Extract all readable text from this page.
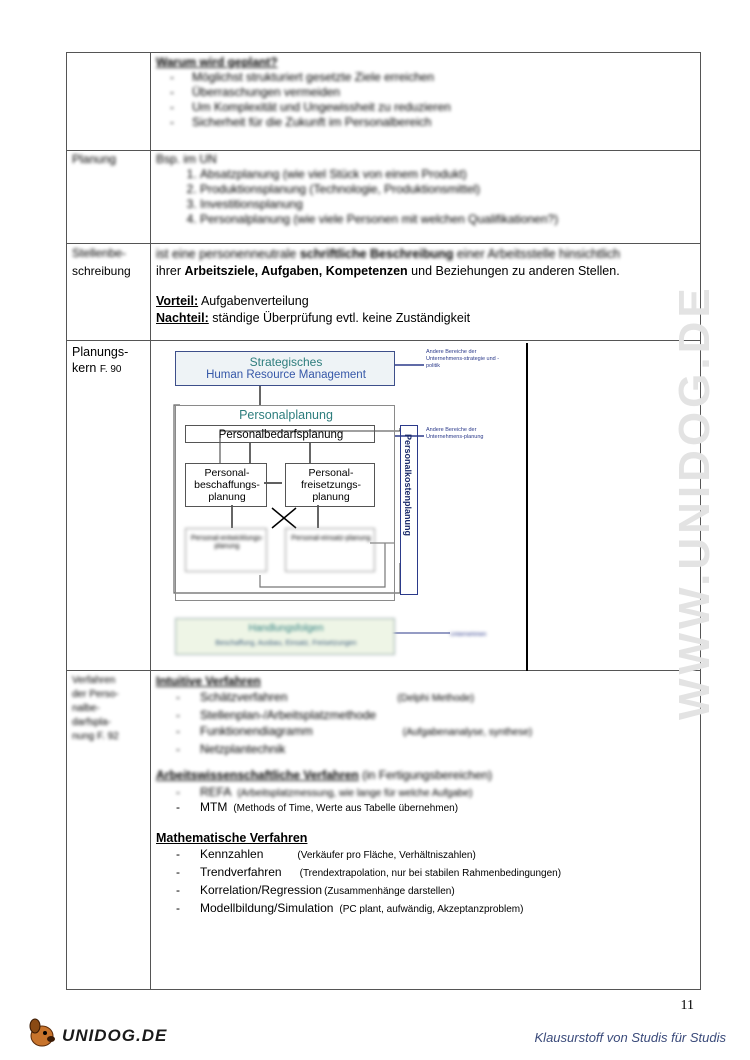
WWW.UNIDOG.DE
Warum wird geplant?
- Möglichst strukturiert gesetzte Ziele erreichen
- Überraschungen vermeiden
- Um Komplexität und Ungewissheit zu reduzieren
- Sicherheit für die Zukunft im Personalbereich
Planung	Bsp. im UN
1. Absatzplanung (wie viel Stück von einem Produkt)
2. Produktionsplanung (Technologie, Produktionsmittel)
3. Investitionsplanung
4. Personalplanung (wie viele Personen mit welchen Qualifikationen?)
Stellenbe-
schreibung
ist eine personenneutrale schriftliche Beschreibung einer Arbeitsstelle hinsichtlich
ihrer Arbeitsziele, Aufgaben, Kompetenzen und Beziehungen zu anderen Stellen.
Vorteil: Aufgabenverteilung
Nachteil: ständige Überprüfung evtl. keine Zuständigkeit
Planungs-
kern F. 90
Strategisches
Human Resource Management
Andere Bereiche der Unternehmens-strategie und -politik
Personalplanung
Andere Bereiche der Unternehmens-planung
Personalbedarfsplanung	Personalkostenplanung
Personal-beschaffungs-planung
Personal-freisetzungs-planung
Personal-entwicklungs-planung
Personal-einsatz-planung
Handlungsfolgen
Beschaffung, Ausbau, Einsatz, Freisetzungen
Unternehmen
Verfahren
der Perso-
nalbe-
darfspla-
nung F. 92
Intuitive Verfahren
- Schätzverfahren	(Delphi Methode)
- Stellenplan-/Arbeitsplatzmethode
- Funktionendiagramm	(Aufgabenanalyse, synthese)
- Netzplantechnik
Arbeitswissenschaftliche Verfahren (in Fertigungsbereichen)
- REFA (Arbeitsplatzmessung, wie lange für welche Aufgabe)
- MTM (Methods of Time, Werte aus Tabelle übernehmen)
Mathematische Verfahren
- Kennzahlen	(Verkäufer pro Fläche, Verhältniszahlen)
- Trendverfahren (Trendextrapolation, nur bei stabilen Rahmenbedingungen)
- Korrelation/Regression (Zusammenhänge darstellen)
- Modellbildung/Simulation (PC plant, aufwändig, Akzeptanzproblem)
11
UNIDOG.DE	Klausurstoff von Studis für Studis
